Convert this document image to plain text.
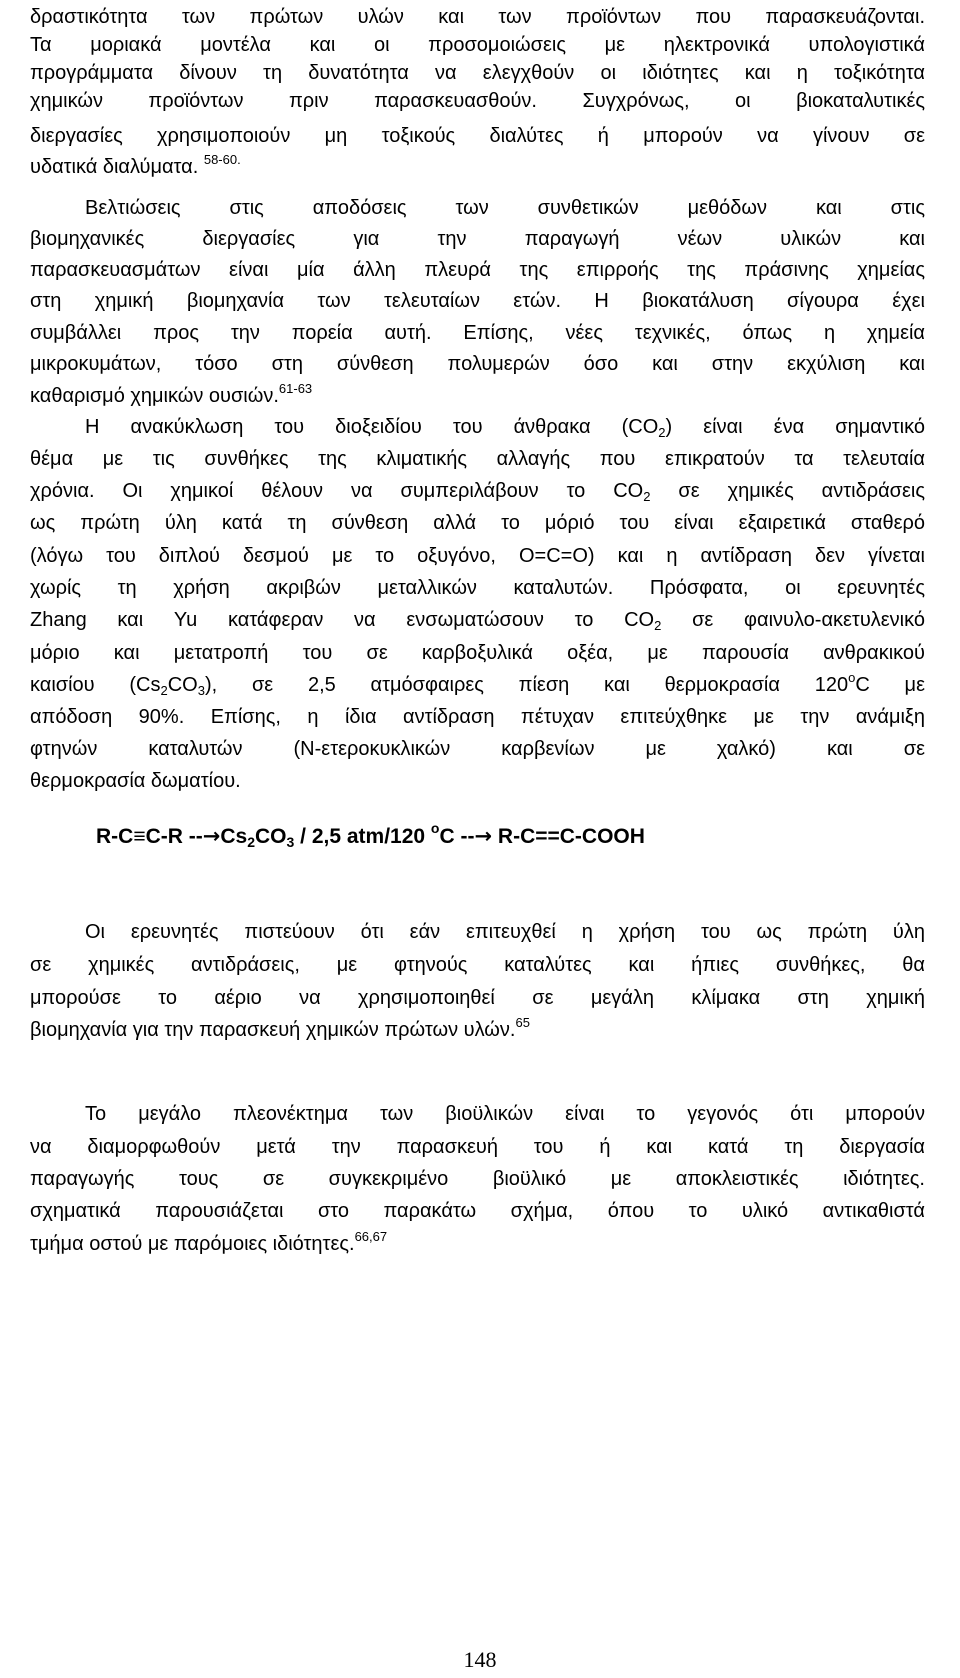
δραστικότητα των πρώτων υλών και των προϊόντων που παρασκευάζονται.
Τα μοριακά μοντέλα και οι προσομοιώσεις με ηλεκτρονικά υπολογιστικά
προγράμματα δίνουν τη δυνατότητα να ελεγχθούν οι ιδιότητες και η τοξικότητα
χημικών προϊόντων πριν παρασκευασθούν. Συγχρόνως, οι βιοκαταλυτικές
διεργασίες χρησιμοποιούν μη τοξικούς διαλύτες ή μπορούν να γίνουν σε
υδατικά διαλύματα. $^{58-60.}$
Βελτιώσεις στις αποδόσεις των συνθετικών μεθόδων και στις
βιομηχανικές διεργασίες για την παραγωγή νέων υλικών και
παρασκευασμάτων είναι μία άλλη πλευρά της επιρροής της πράσινης χημείας
στη χημική βιομηχανία των τελευταίων ετών. Η βιοκατάλυση σίγουρα έχει
συμβάλλει προς την πορεία αυτή. Επίσης, νέες τεχνικές, όπως η χημεία
μικροκυμάτων, τόσο στη σύνθεση πολυμερών όσο και στην εκχύλιση και
καθαρισμό χημικών ουσιών.$^{61-63}$
Η ανακύκλωση του διοξειδίου του άνθρακα $(CO_2)$ είναι ένα σημαντικό
θέμα με τις συνθήκες της κλιματικής αλλαγής που επικρατούν τα τελευταία
χρόνια. Οι χημικοί θέλουν να συμπεριλάβουν το $CO_2$ σε χημικές αντιδράσεις
ως πρώτη ύλη κατά τη σύνθεση αλλά το μόριό του είναι εξαιρετικά σταθερό
(λόγω του διπλού δεσμού με το οξυγόνο, O=C=O) και η αντίδραση δεν γίνεται
χωρίς τη χρήση ακριβών μεταλλικών καταλυτών. Πρόσφατα, οι ερευνητές
Zhang και Yu κατάφεραν να ενσωματώσουν το $CO_2$ σε φαινυλο-ακετυλενικό
μόριο και μετατροπή του σε καρβοξυλικά οξέα, με παρουσία ανθρακικού
καισίου $(Cs_2CO_3)$, σε 2,5 ατμόσφαιρες πίεση και θερμοκρασία 120$^o$C με
απόδοση 90%. Επίσης, η ίδια αντίδραση πέτυχαν επιτεύχθηκε με την ανάμιξη
φτηνών καταλυτών (Ν-ετεροκυκλικών καρβενίων με χαλκό) και σε
θερμοκρασία δωματίου.
R-C≡C-R --→Cs2CO3 / 2,5 atm/120 $^o$C --→ R-C==C-COOH
Οι ερευνητές πιστεύουν ότι εάν επιτευχθεί η χρήση του ως πρώτη ύλη
σε χημικές αντιδράσεις, με φτηνούς καταλύτες και ήπιες συνθήκες, θα
μπορούσε το αέριο να χρησιμοποιηθεί σε μεγάλη κλίμακα στη χημική
βιομηχανία για την παρασκευή χημικών πρώτων υλών.$^{65}$
Το μεγάλο πλεονέκτημα των βιοϋλικών είναι το γεγονός ότι μπορούν
να διαμορφωθούν μετά την παρασκευή του ή και κατά τη διεργασία
παραγωγής τους σε συγκεκριμένο βιοϋλικό με αποκλειστικές ιδιότητες.
σχηματικά παρουσιάζεται στο παρακάτω σχήμα, όπου το υλικό αντικαθιστά
τμήμα οστού με παρόμοιες ιδιότητες.$^{66,67}$
148
